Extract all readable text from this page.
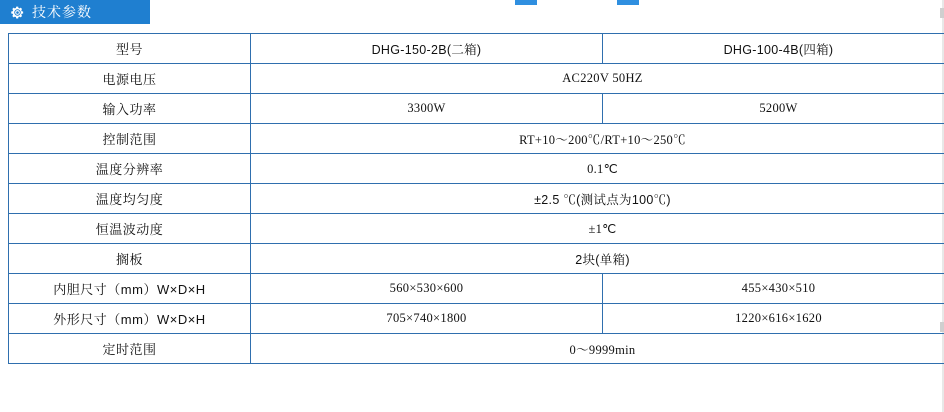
技术参数
型号	DHG-150-2B(二箱)	DHG-100-4B(四箱)
电源电压	AC220V 50HZ	
输入功率	3300W	5200W
控制范围	RT+10～200℃/RT+10～250℃	
温度分辨率	0.1℃	
温度均匀度	±2.5 ℃(测试点为100℃)	
恒温波动度	±1℃	
搁板	2块(单箱)	
内胆尺寸（mm）W×D×H	560×530×600	455×430×510
外形尺寸（mm）W×D×H	705×740×1800	1220×616×1620
定时范围	0～9999min	
